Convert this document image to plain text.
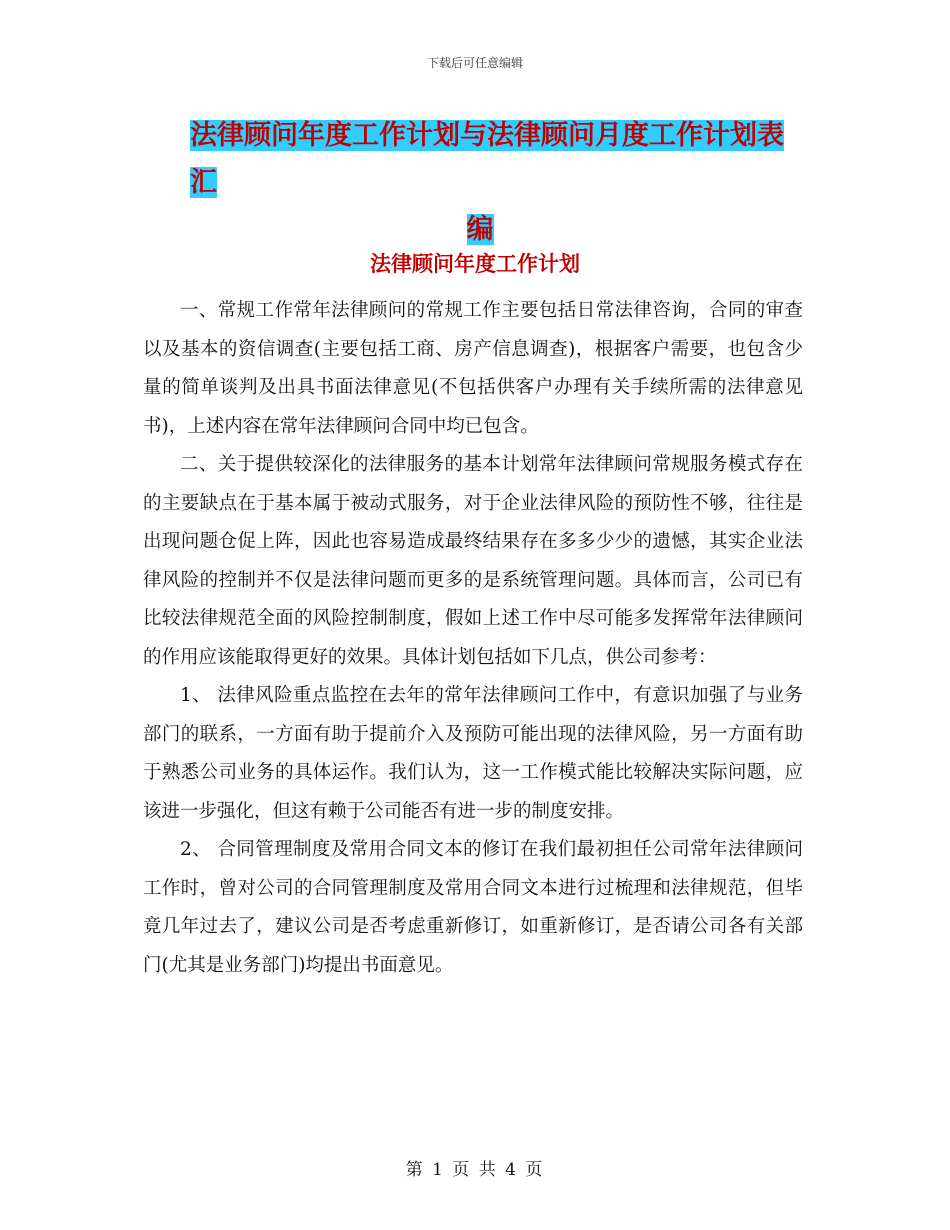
下载后可任意编辑
法律顾问年度工作计划与法律顾问月度工作计划表汇
编
法律顾问年度工作计划

一、常规工作常年法律顾问的常规工作主要包括日常法律咨询，合同的审查以及基本的资信调查(主要包括工商、房产信息调查)，根据客户需要，也包含少量的简单谈判及出具书面法律意见(不包括供客户办理有关手续所需的法律意见书)，上述内容在常年法律顾问合同中均已包含。

二、关于提供较深化的法律服务的基本计划常年法律顾问常规服务模式存在的主要缺点在于基本属于被动式服务，对于企业法律风险的预防性不够，往往是出现问题仓促上阵，因此也容易造成最终结果存在多多少少的遗憾，其实企业法律风险的控制并不仅是法律问题而更多的是系统管理问题。具体而言，公司已有比较法律规范全面的风险控制制度，假如上述工作中尽可能多发挥常年法律顾问的作用应该能取得更好的效果。具体计划包括如下几点，供公司参考：

1、 法律风险重点监控在去年的常年法律顾问工作中，有意识加强了与业务部门的联系，一方面有助于提前介入及预防可能出现的法律风险，另一方面有助于熟悉公司业务的具体运作。我们认为，这一工作模式能比较解决实际问题，应该进一步强化，但这有赖于公司能否有进一步的制度安排。

2、 合同管理制度及常用合同文本的修订在我们最初担任公司常年法律顾问工作时，曾对公司的合同管理制度及常用合同文本进行过梳理和法律规范，但毕竟几年过去了，建议公司是否考虑重新修订，如重新修订，是否请公司各有关部门(尤其是业务部门)均提出书面意见。

第 1 页 共 4 页
